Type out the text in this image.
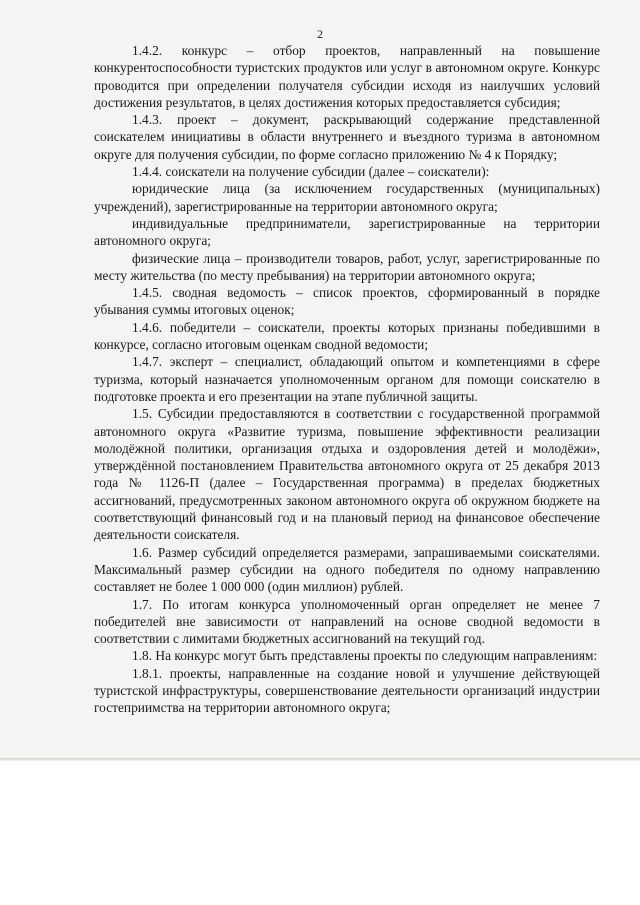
2

1.4.2. конкурс – отбор проектов, направленный на повышение конкурентоспособности туристских продуктов или услуг в автономном округе. Конкурс проводится при определении получателя субсидии исходя из наилучших условий достижения результатов, в целях достижения которых предоставляется субсидия;

1.4.3. проект – документ, раскрывающий содержание представленной соискателем инициативы в области внутреннего и въездного туризма в автономном округе для получения субсидии, по форме согласно приложению № 4 к Порядку;

1.4.4. соискатели на получение субсидии (далее – соискатели):

юридические лица (за исключением государственных (муниципальных) учреждений), зарегистрированные на территории автономного округа;

индивидуальные предприниматели, зарегистрированные на территории автономного округа;

физические лица – производители товаров, работ, услуг, зарегистрированные по месту жительства (по месту пребывания) на территории автономного округа;

1.4.5. сводная ведомость – список проектов, сформированный в порядке убывания суммы итоговых оценок;

1.4.6. победители – соискатели, проекты которых признаны победившими в конкурсе, согласно итоговым оценкам сводной ведомости;

1.4.7. эксперт – специалист, обладающий опытом и компетенциями в сфере туризма, который назначается уполномоченным органом для помощи соискателю в подготовке проекта и его презентации на этапе публичной защиты.

1.5. Субсидии предоставляются в соответствии с государственной программой автономного округа «Развитие туризма, повышение эффективности реализации молодёжной политики, организация отдыха и оздоровления детей и молодёжи», утверждённой постановлением Правительства автономного округа от 25 декабря 2013 года № 1126-П (далее – Государственная программа) в пределах бюджетных ассигнований, предусмотренных законом автономного округа об окружном бюджете на соответствующий финансовый год и на плановый период на финансовое обеспечение деятельности соискателя.

1.6. Размер субсидий определяется размерами, запрашиваемыми соискателями. Максимальный размер субсидии на одного победителя по одному направлению составляет не более 1 000 000 (один миллион) рублей.

1.7. По итогам конкурса уполномоченный орган определяет не менее 7 победителей вне зависимости от направлений на основе сводной ведомости в соответствии с лимитами бюджетных ассигнований на текущий год.

1.8. На конкурс могут быть представлены проекты по следующим направлениям:

1.8.1. проекты, направленные на создание новой и улучшение действующей туристской инфраструктуры, совершенствование деятельности организаций индустрии гостеприимства на территории автономного округа;
